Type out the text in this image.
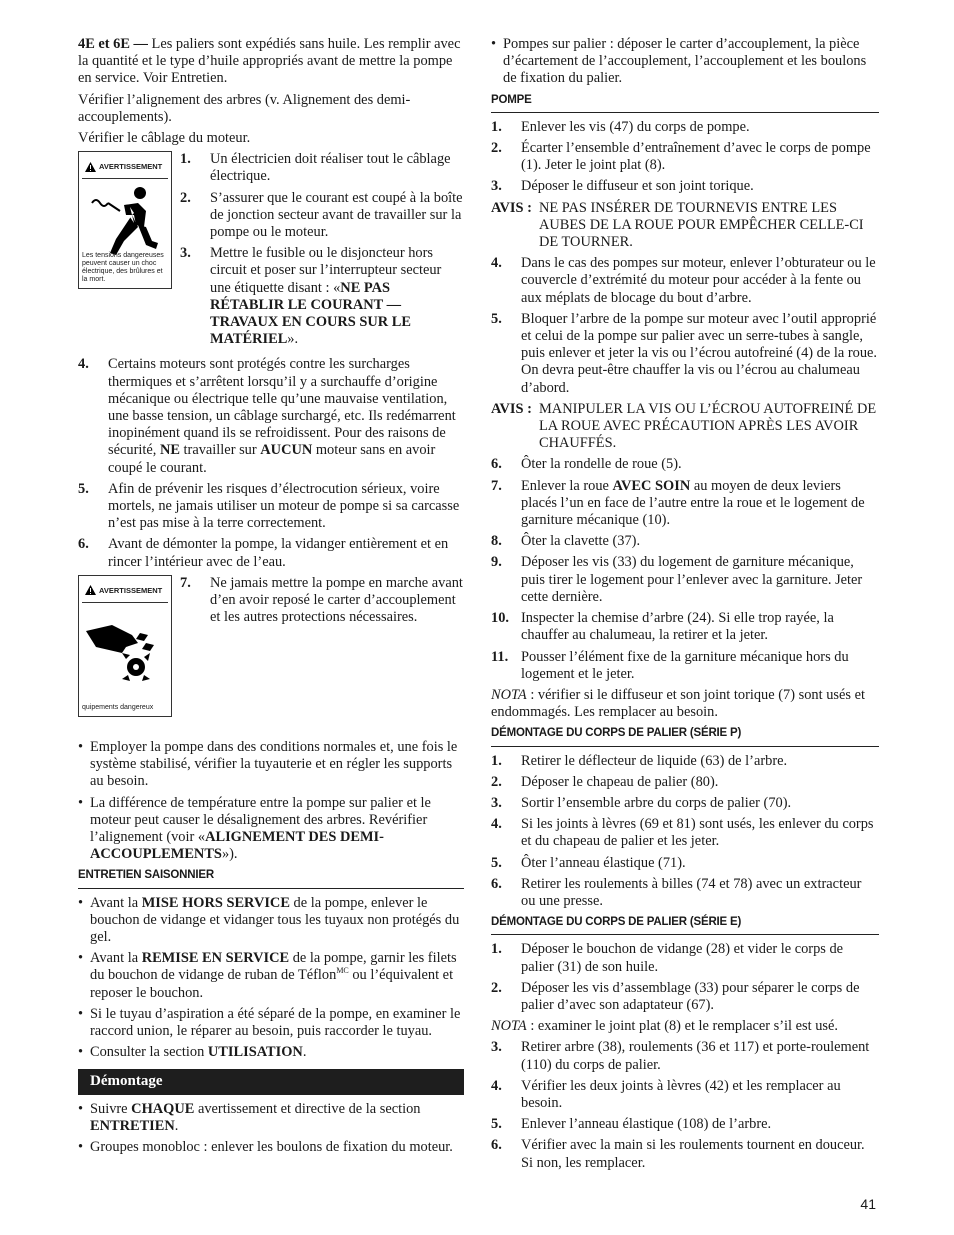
4E et 6E — Les paliers sont expédiés sans huile. Les remplir avec la quantité et le type d’huile appropriés avant de mettre la pompe en service. Voir Entretien.

Vérifier l’alignement des arbres (v. Alignement des demi-accouplements).

Vérifier le câblage du moteur.

AVERTISSEMENT
Les tensions dangereuses peuvent causer un choc électrique, des brûlures et la mort.
1.	Un électricien doit réaliser tout le câblage électrique.
2.	S’assurer que le courant est coupé à la boîte de jonction secteur avant de travailler sur la pompe ou le moteur.
3.	Mettre le fusible ou le disjoncteur hors circuit et poser sur l’interrupteur secteur une étiquette disant : «NE PAS RÉTABLIR LE COURANT — TRAVAUX EN COURS SUR LE MATÉRIEL».
4.	Certains moteurs sont protégés contre les surcharges thermiques et s’arrêtent lorsqu’il y a surchauffe d’origine mécanique ou électrique telle qu’une mauvaise ventilation, une basse tension, un câblage surchargé, etc. Ils redémarrent inopinément quand ils se refroidissent. Pour des raisons de sécurité, NE travailler sur AUCUN moteur sans en avoir coupé le courant.
5.	Afin de prévenir les risques d’électrocution sérieux, voire mortels, ne jamais utiliser un moteur de pompe si sa carcasse n’est pas mise à la terre correctement.
6.	Avant de démonter la pompe, la vidanger entièrement et en rincer l’intérieur avec de l’eau.
AVERTISSEMENT
quipements dangereux
7.	Ne jamais mettre la pompe en marche avant d’en avoir reposé le carter d’accouplement et les autres protections nécessaires.
• Employer la pompe dans des conditions normales et, une fois le système stabilisé, vérifier la tuyauterie et en régler les supports au besoin.
• La différence de température entre la pompe sur palier et le moteur peut causer le désalignement des arbres. Revérifier l’alignement (voir «ALIGNEMENT DES DEMI-ACCOUPLEMENTS»).
ENTRETIEN SAISONNIER
• Avant la MISE HORS SERVICE de la pompe, enlever le bouchon de vidange et vidanger tous les tuyaux non protégés du gel.
• Avant la REMISE EN SERVICE de la pompe, garnir les filets du bouchon de vidange de ruban de Téflon$^{MC}$ ou l’équivalent et reposer le bouchon.
• Si le tuyau d’aspiration a été séparé de la pompe, en examiner le raccord union, le réparer au besoin, puis raccorder le tuyau.
• Consulter la section UTILISATION.
Démontage
• Suivre CHAQUE avertissement et directive de la section ENTRETIEN.
• Groupes monobloc : enlever les boulons de fixation du moteur.
• Pompes sur palier : déposer le carter d’accouplement, la pièce d’écartement de l’accouplement, l’accouplement et les boulons de fixation du palier.
POMPE
1.	Enlever les vis (47) du corps de pompe.
2.	Écarter l’ensemble d’entraînement d’avec le corps de pompe (1). Jeter le joint plat (8).
3.	Déposer le diffuseur et son joint torique.
AVIS : NE PAS INSÉRER DE TOURNEVIS ENTRE LES AUBES DE LA ROUE POUR EMPÊCHER CELLE-CI DE TOURNER.
4.	Dans le cas des pompes sur moteur, enlever l’obturateur ou le couvercle d’extrémité du moteur pour accéder à la fente ou aux méplats de blocage du bout d’arbre.
5.	Bloquer l’arbre de la pompe sur moteur avec l’outil approprié et celui de la pompe sur palier avec un serre-tubes à sangle, puis enlever et jeter la vis ou l’écrou autofreiné (4) de la roue. On devra peut-être chauffer la vis ou l’écrou au chalumeau d’abord.
AVIS : MANIPULER LA VIS OU L’ÉCROU AUTOFREINÉ DE LA ROUE AVEC PRÉCAUTION APRÈS LES AVOIR CHAUFFÉS.
6.	Ôter la rondelle de roue (5).
7.	Enlever la roue AVEC SOIN au moyen de deux leviers placés l’un en face de l’autre entre la roue et le logement de garniture mécanique (10).
8.	Ôter la clavette (37).
9.	Déposer les vis (33) du logement de garniture mécanique, puis tirer le logement pour l’enlever avec la garniture. Jeter cette dernière.
10. Inspecter la chemise d’arbre (24). Si elle trop rayée, la chauffer au chalumeau, la retirer et la jeter.
11. Pousser l’élément fixe de la garniture mécanique hors du logement et le jeter.

NOTA : vérifier si le diffuseur et son joint torique (7) sont usés et endommagés. Les remplacer au besoin.

DÉMONTAGE DU CORPS DE PALIER (SÉRIE P)
1.	Retirer le déflecteur de liquide (63) de l’arbre.
2.	Déposer le chapeau de palier (80).
3.	Sortir l’ensemble arbre du corps de palier (70).
4.	Si les joints à lèvres (69 et 81) sont usés, les enlever du corps et du chapeau de palier et les jeter.
5.	Ôter l’anneau élastique (71).
6.	Retirer les roulements à billes (74 et 78) avec un extracteur ou une presse.
DÉMONTAGE DU CORPS DE PALIER (SÉRIE E)
1.	Déposer le bouchon de vidange (28) et vider le corps de palier (31) de son huile.
2.	Déposer les vis d’assemblage (33) pour séparer le corps de palier d’avec son adaptateur (67).

NOTA : examiner le joint plat (8) et le remplacer s’il est usé.

3.	Retirer arbre (38), roulements (36 et 117) et porte-roulement (110) du corps de palier.
4.	Vérifier les deux joints à lèvres (42) et les remplacer au besoin.
5.	Enlever l’anneau élastique (108) de l’arbre.
6.	Vérifier avec la main si les roulements tournent en douceur. Si non, les remplacer.
41
